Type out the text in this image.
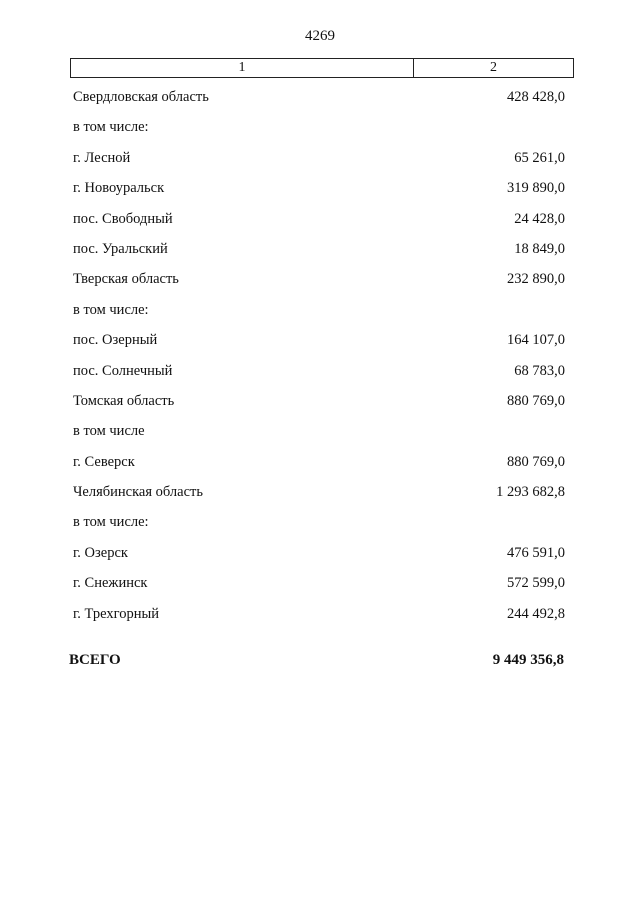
4269
1	2
Свердловская область	428 428,0
в том числе:
г. Лесной	65 261,0
г. Новоуральск	319 890,0
пос. Свободный	24 428,0
пос. Уральский	18 849,0
Тверская область	232 890,0
в том числе:
пос. Озерный	164 107,0
пос. Солнечный	68 783,0
Томская область	880 769,0
в том числе
г. Северск	880 769,0
Челябинская область	1 293 682,8
в том числе:
г. Озерск	476 591,0
г. Снежинск	572 599,0
г. Трехгорный	244 492,8
ВСЕГО	9 449 356,8
